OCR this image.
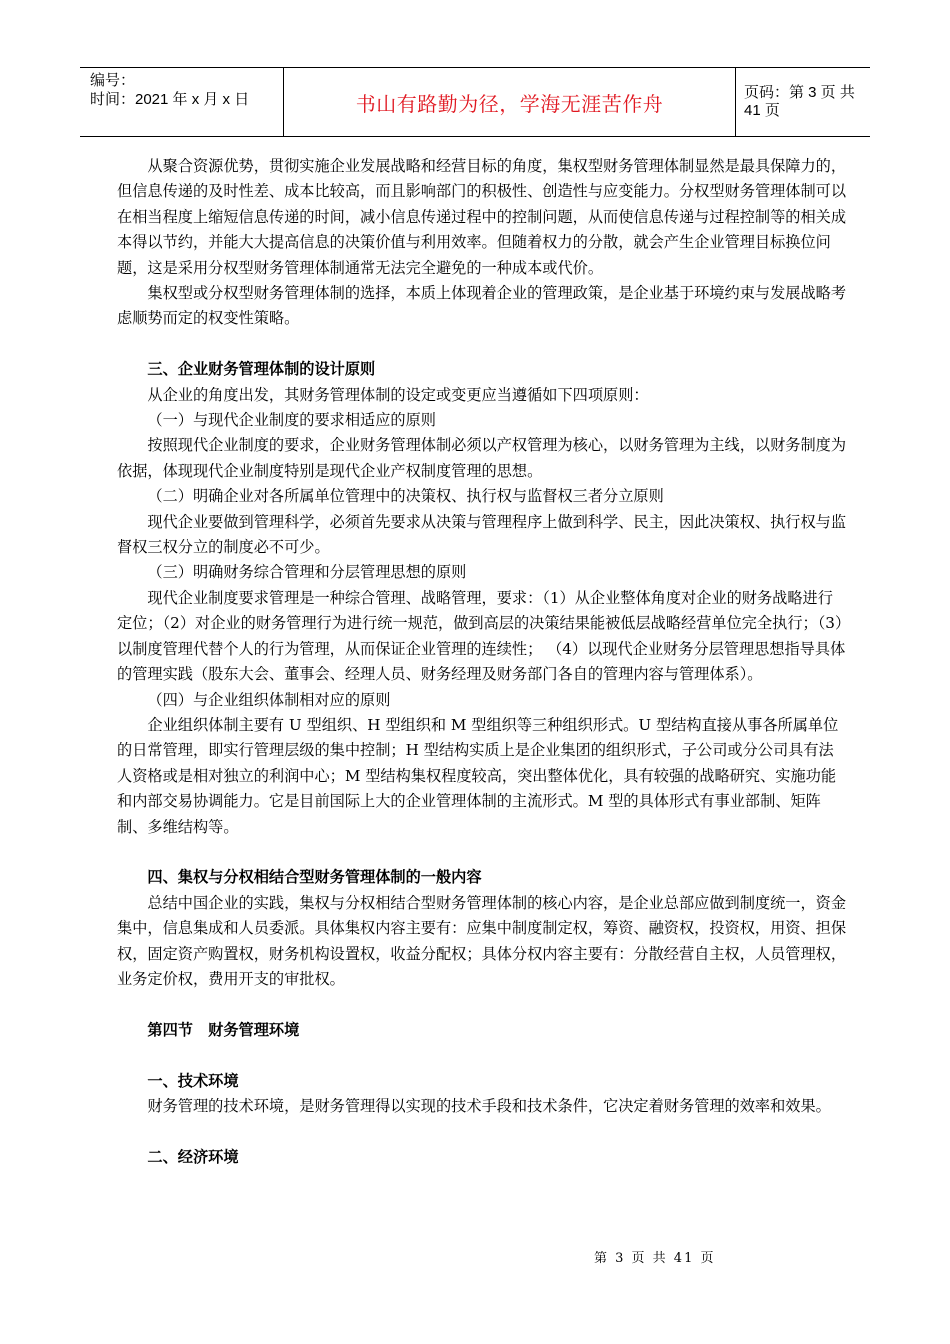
编号：
时间：2021 年 x 月 x 日	书山有路勤为径，学海无涯苦作舟	页码：第 3 页 共 41 页

从聚合资源优势，贯彻实施企业发展战略和经营目标的角度，集权型财务管理体制显然是最具保障力的，但信息传递的及时性差、成本比较高，而且影响部门的积极性、创造性与应变能力。分权型财务管理体制可以在相当程度上缩短信息传递的时间，减小信息传递过程中的控制问题，从而使信息传递与过程控制等的相关成本得以节约，并能大大提高信息的决策价值与利用效率。但随着权力的分散，就会产生企业管理目标换位问题，这是采用分权型财务管理体制通常无法完全避免的一种成本或代价。

集权型或分权型财务管理体制的选择，本质上体现着企业的管理政策，是企业基于环境约束与发展战略考虑顺势而定的权变性策略。

三、企业财务管理体制的设计原则

从企业的角度出发，其财务管理体制的设定或变更应当遵循如下四项原则：

（一）与现代企业制度的要求相适应的原则

按照现代企业制度的要求，企业财务管理体制必须以产权管理为核心，以财务管理为主线，以财务制度为依据，体现现代企业制度特别是现代企业产权制度管理的思想。

（二）明确企业对各所属单位管理中的决策权、执行权与监督权三者分立原则

现代企业要做到管理科学，必须首先要求从决策与管理程序上做到科学、民主，因此决策权、执行权与监督权三权分立的制度必不可少。

（三）明确财务综合管理和分层管理思想的原则

现代企业制度要求管理是一种综合管理、战略管理，要求：（1）从企业整体角度对企业的财务战略进行定位；（2）对企业的财务管理行为进行统一规范，做到高层的决策结果能被低层战略经营单位完全执行；（3）以制度管理代替个人的行为管理，从而保证企业管理的连续性； （4）以现代企业财务分层管理思想指导具体的管理实践（股东大会、董事会、经理人员、财务经理及财务部门各自的管理内容与管理体系）。

（四）与企业组织体制相对应的原则

企业组织体制主要有 U 型组织、H 型组织和 M 型组织等三种组织形式。U 型结构直接从事各所属单位的日常管理，即实行管理层级的集中控制；H 型结构实质上是企业集团的组织形式，子公司或分公司具有法人资格或是相对独立的利润中心；M 型结构集权程度较高，突出整体优化，具有较强的战略研究、实施功能和内部交易协调能力。它是目前国际上大的企业管理体制的主流形式。M 型的具体形式有事业部制、矩阵制、多维结构等。

四、集权与分权相结合型财务管理体制的一般内容

总结中国企业的实践，集权与分权相结合型财务管理体制的核心内容，是企业总部应做到制度统一，资金集中，信息集成和人员委派。具体集权内容主要有：应集中制度制定权，筹资、融资权，投资权，用资、担保权，固定资产购置权，财务机构设置权，收益分配权；具体分权内容主要有：分散经营自主权，人员管理权，业务定价权，费用开支的审批权。

第四节　财务管理环境
一、技术环境

财务管理的技术环境，是财务管理得以实现的技术手段和技术条件，它决定着财务管理的效率和效果。

二、经济环境
第 3 页 共 41 页
